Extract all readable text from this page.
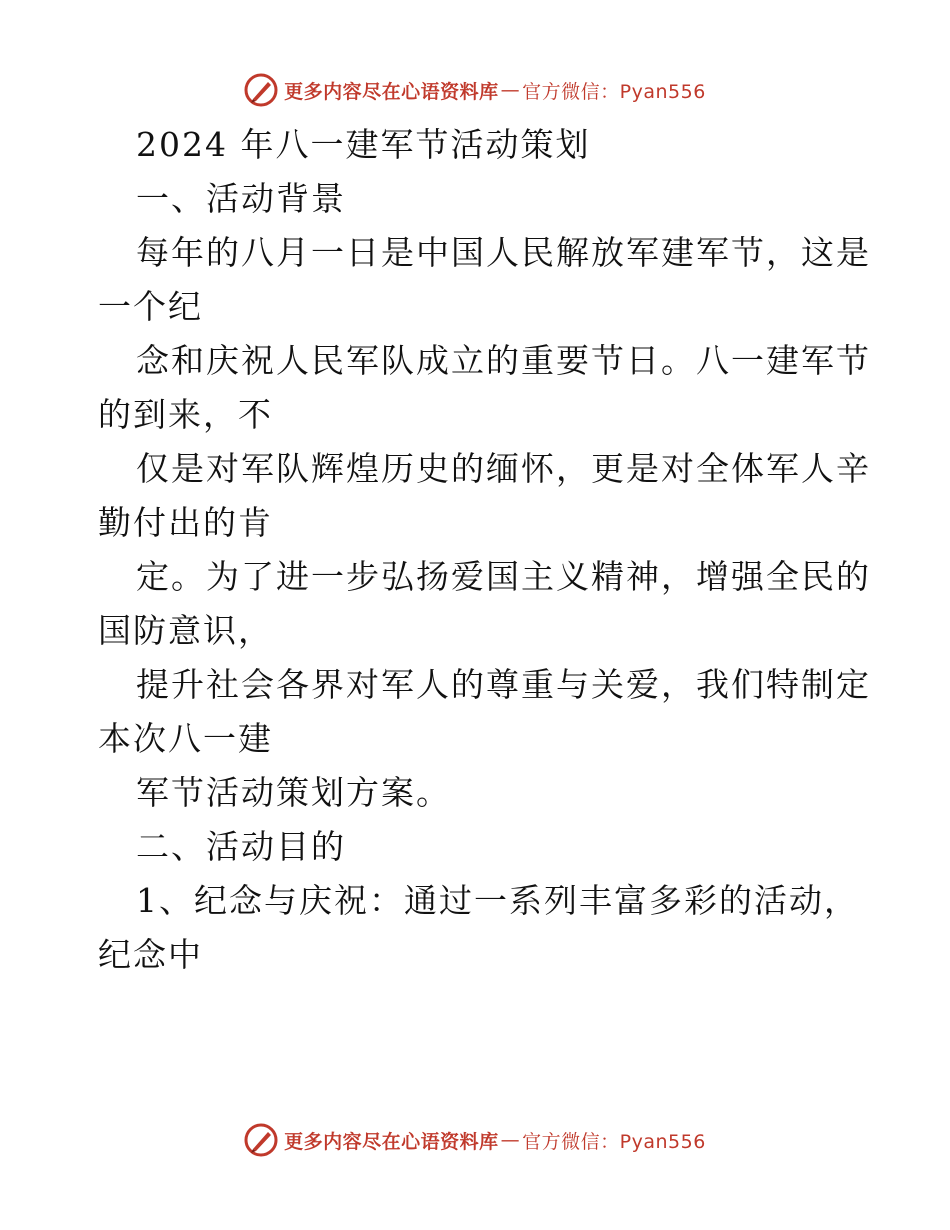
更多内容尽在心语资料库 — 官方微信：Pyan556
2024 年八一建军节活动策划
一、活动背景
每年的八月一日是中国人民解放军建军节，这是
一个纪
念和庆祝人民军队成立的重要节日。八一建军节
的到来，不
仅是对军队辉煌历史的缅怀，更是对全体军人辛
勤付出的肯
定。为了进一步弘扬爱国主义精神，增强全民的
国防意识，
提升社会各界对军人的尊重与关爱，我们特制定
本次八一建
军节活动策划方案。
二、活动目的
1、纪念与庆祝：通过一系列丰富多彩的活动，
纪念中
更多内容尽在心语资料库 — 官方微信：Pyan556
